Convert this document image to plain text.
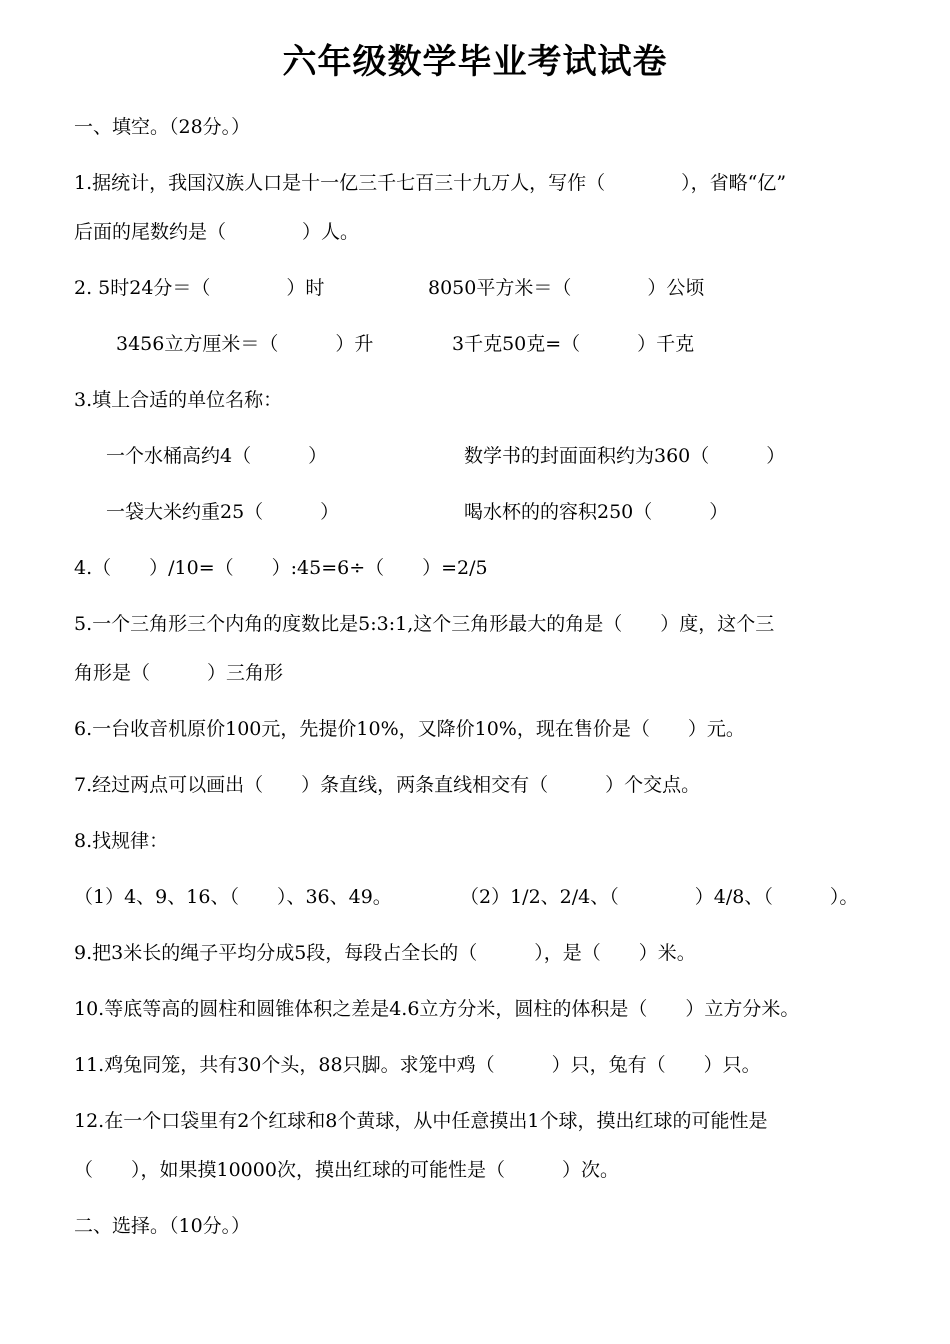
六年级数学毕业考试试卷
一、填空。（28分。）
1.据统计，我国汉族人口是十一亿三千七百三十九万人，写作（　　　　），省略“亿”
后面的尾数约是（　　　　）人。
2. 5时24分＝（　　　　）时	8050平方米＝（　　　　）公顷
3456立方厘米＝（　　　）升	3千克50克=（　　　）千克
3.填上合适的单位名称：
一个水桶高约4（　　　）	数学书的封面面积约为360（　　　）
一袋大米约重25（　　　）	喝水杯的的容积250（　　　）
4.（　　）/10=（　　）:45=6÷（　　）=2/5
5.一个三角形三个内角的度数比是5:3:1,这个三角形最大的角是（　　）度，这个三
角形是（　　　）三角形
6.一台收音机原价100元，先提价10%，又降价10%，现在售价是（　　）元。
7.经过两点可以画出（　　）条直线，两条直线相交有（　　　）个交点。
8.找规律：
（1）4、9、16、（　　）、36、49。	（2）1/2、2/4、（　　　　）4/8、（　　　）。
9.把3米长的绳子平均分成5段，每段占全长的（　　　），是（　　）米。
10.等底等高的圆柱和圆锥体积之差是4.6立方分米，圆柱的体积是（　　）立方分米。
11.鸡兔同笼，共有30个头，88只脚。求笼中鸡（　　　）只，兔有（　　）只。
12.在一个口袋里有2个红球和8个黄球，从中任意摸出1个球，摸出红球的可能性是
（　　），如果摸10000次，摸出红球的可能性是（　　　）次。
二、选择。（10分。）
